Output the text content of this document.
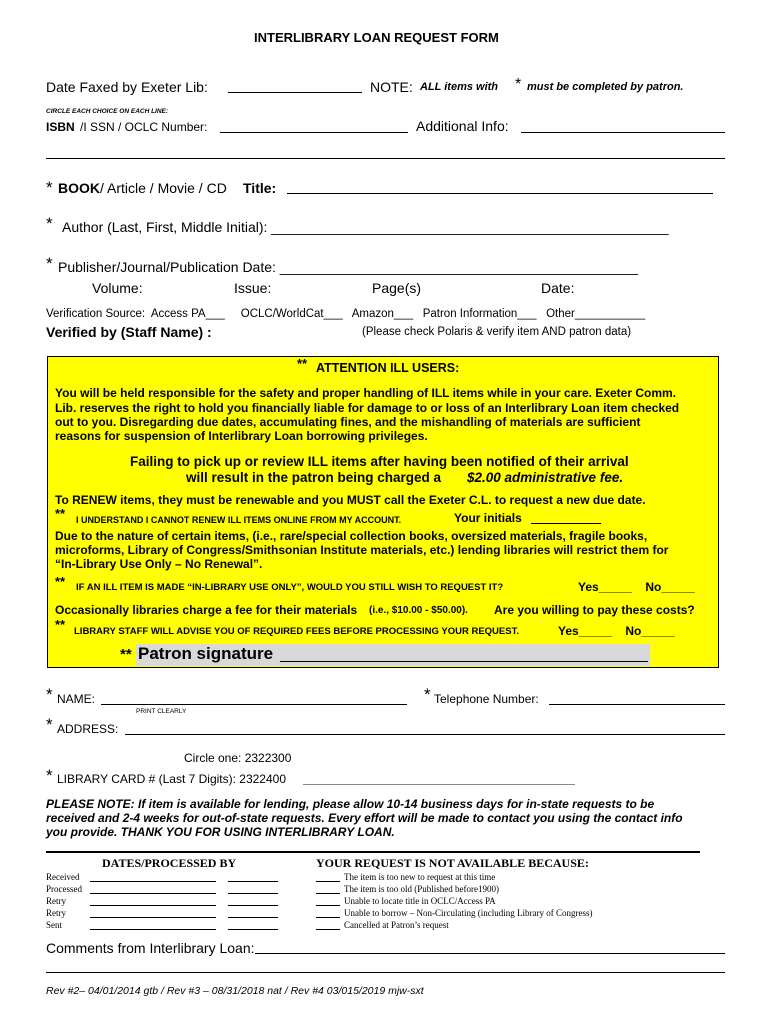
INTERLIBRARY LOAN REQUEST FORM
Date Faxed by Exeter Lib:	NOTE: ALL items with * must be completed by patron.
CIRCLE EACH CHOICE ON EACH LINE:
ISBN /I SSN / OCLC Number:	Additional Info:
* BOOK / Article / Movie / CD Title:
* Author (Last, First, Middle Initial): ___________________________________________________
* Publisher/Journal/Publication Date: ______________________________________________
Volume:	Issue:	Page(s)	Date:
Verification Source:  Access PA___     OCLC/WorldCat___   Amazon___   Patron Information___   Other___________
Verified by (Staff Name) :	(Please check Polaris & verify item AND patron data)
** ATTENTION ILL USERS:
You will be held responsible for the safety and proper handling of ILL items while in your care. Exeter Comm.
Lib. reserves the right to hold you financially liable for damage to or loss of an Interlibrary Loan item checked
out to you. Disregarding due dates, accumulating fines, and the mishandling of materials are sufficient
reasons for suspension of Interlibrary Loan borrowing privileges.
Failing to pick up or review ILL items after having been notified of their arrival
will result in the patron being charged a $2.00 administrative fee.
To RENEW items, they must be renewable and you MUST call the Exeter C.L. to request a new due date.
** I UNDERSTAND I CANNOT RENEW ILL ITEMS ONLINE FROM MY ACCOUNT.	Your initials
Due to the nature of certain items, (i.e., rare/special collection books, oversized materials, fragile books,
microforms, Library of Congress/Smithsonian Institute materials, etc.) lending libraries will restrict them for
“In-Library Use Only – No Renewal”.
** IF AN ILL ITEM IS MADE “IN-LIBRARY USE ONLY”, WOULD YOU STILL WISH TO REQUEST IT?	Yes_____    No_____
Occasionally libraries charge a fee for their materials (i.e., $10.00 - $50.00). Are you willing to pay these costs?
** LIBRARY STAFF WILL ADVISE YOU OF REQUIRED FEES BEFORE PROCESSING YOUR REQUEST.	Yes_____    No_____
** Patron signature
* NAME:
PRINT CLEARLY
* Telephone Number:
* ADDRESS:
Circle one: 2322300
* LIBRARY CARD # (Last 7 Digits): 2322400
PLEASE NOTE: If item is available for lending, please allow 10-14 business days for in-state requests to be
received and 2-4 weeks for out-of-state requests. Every effort will be made to contact you using the contact info
you provide. THANK YOU FOR USING INTERLIBRARY LOAN.
DATES/PROCESSED BY
Received
Processed
Retry
Retry
Sent
YOUR REQUEST IS NOT AVAILABLE BECAUSE:
The item is too new to request at this time
The item is too old (Published before1900)
Unable to locate title in OCLC/Access PA
Unable to borrow – Non-Circulating (including Library of Congress)
Cancelled at Patron’s request
Comments from Interlibrary Loan:
Rev #2– 04/01/2014 gtb / Rev #3 – 08/31/2018 nat / Rev #4 03/015/2019 mjw-sxt
